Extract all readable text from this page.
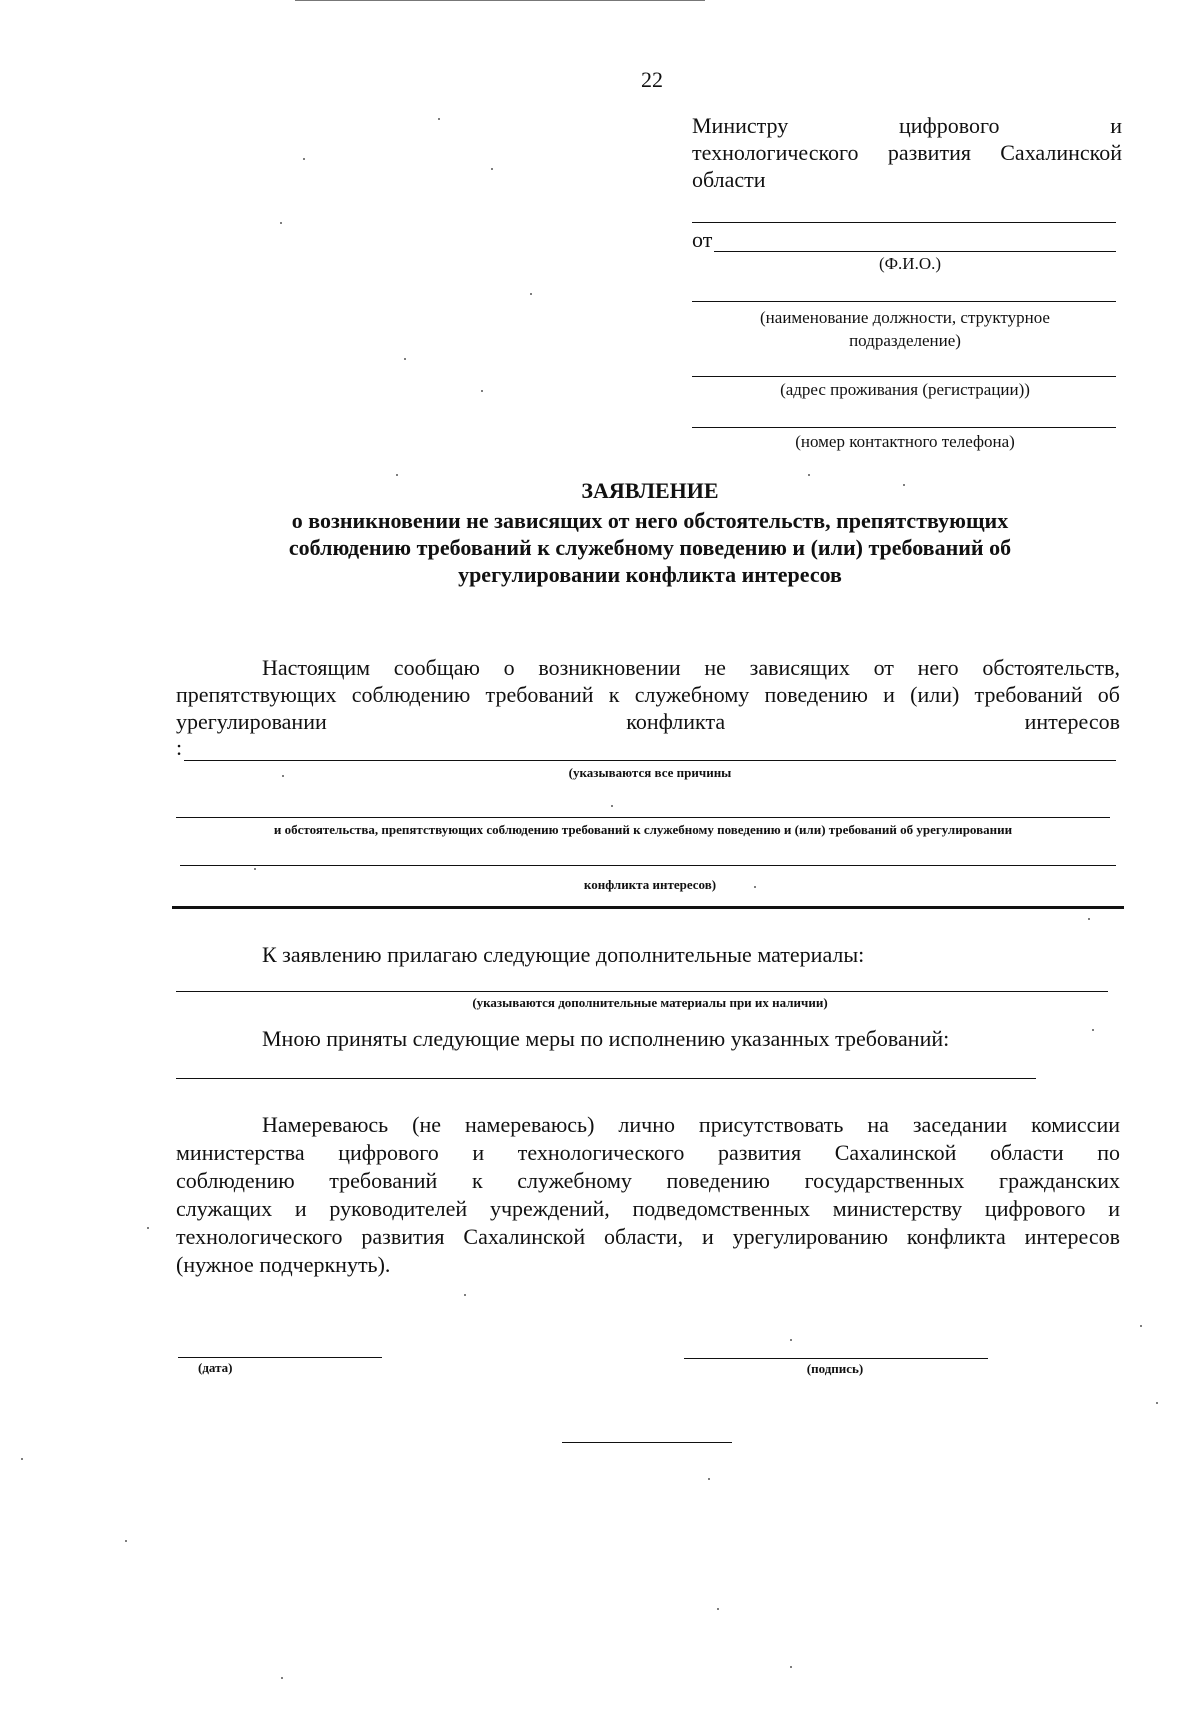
22
Министру	цифрового	и
технологического развития Сахалинской
области
от
(Ф.И.О.)
(наименование должности, структурное
подразделение)
(адрес проживания (регистрации))
(номер контактного телефона)
ЗАЯВЛЕНИЕ
о возникновении не зависящих от него обстоятельств, препятствующих
соблюдению требований к служебному поведению и (или) требований об
урегулировании конфликта интересов
Настоящим сообщаю о возникновении не зависящих от него обстоятельств,
препятствующих соблюдению требований к служебному поведению и (или) требований об
урегулировании	конфликта	интересов
:
(указываются все причины
и обстоятельства, препятствующих соблюдению требований к служебному поведению и (или) требований об урегулировании
конфликта интересов)
К заявлению прилагаю следующие дополнительные материалы:
(указываются дополнительные материалы при их наличии)
Мною приняты следующие меры по исполнению указанных требований:
Намереваюсь (не намереваюсь) лично присутствовать на заседании комиссии
министерства цифрового и технологического развития Сахалинской области по
соблюдению требований к служебному поведению государственных гражданских
служащих и руководителей учреждений, подведомственных министерству цифрового и
технологического развития Сахалинской области, и урегулированию конфликта интересов
(нужное подчеркнуть).
(дата)	(подпись)
